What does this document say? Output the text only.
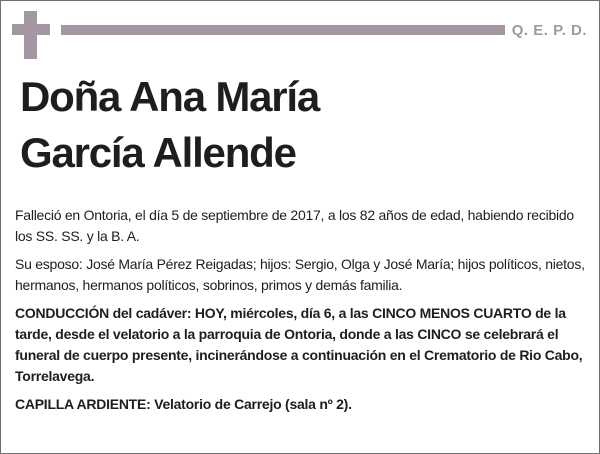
Q. E. P. D.
Doña Ana María
García Allende

Falleció en Ontoria, el día 5 de septiembre de 2017, a los 82 años de edad, habiendo recibido los SS. SS. y la B. A.

Su esposo: José María Pérez Reigadas; hijos: Sergio, Olga y José María; hijos políticos, nietos, hermanos, hermanos políticos, sobrinos, primos y demás familia.

CONDUCCIÓN del cadáver: HOY, miércoles, día 6, a las CINCO MENOS CUARTO de la tarde, desde el velatorio a la parroquia de Ontoria, donde a las CINCO se celebrará el funeral de cuerpo presente, incinerándose a continuación en el Crematorio de Rio Cabo, Torrelavega.

CAPILLA ARDIENTE: Velatorio de Carrejo (sala nº 2).
